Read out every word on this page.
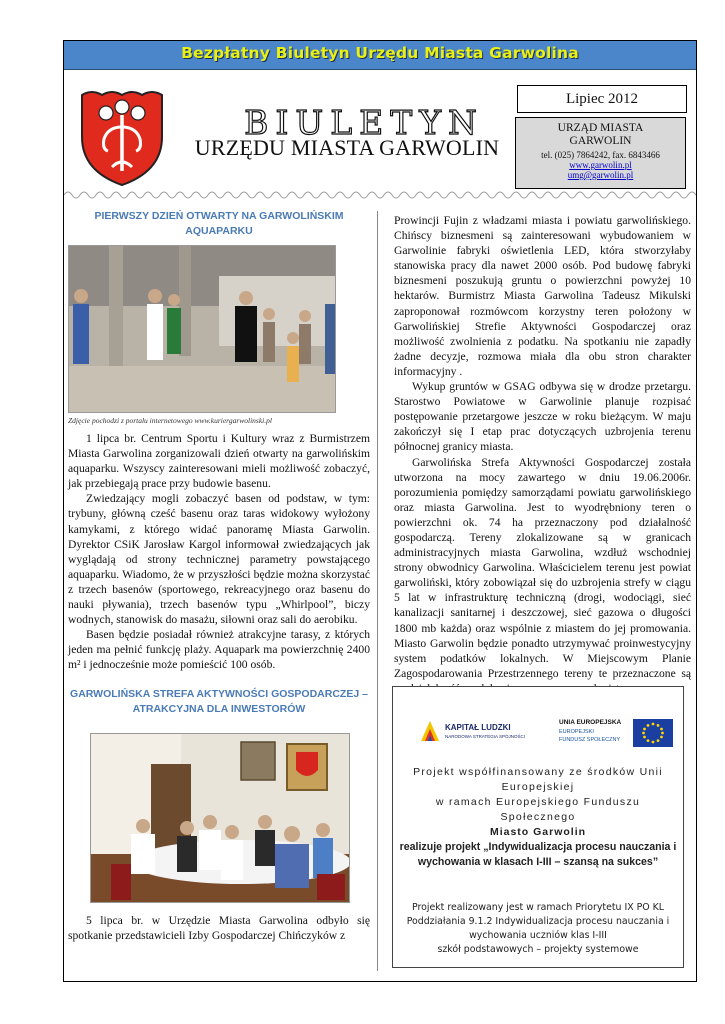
Bezpłatny Biuletyn Urzędu Miasta Garwolina
BIULETYN
URZĘDU MIASTA GARWOLIN
Lipiec 2012
URZĄD MIASTA
GARWOLIN
tel. (025) 7864242, fax. 6843466
www.garwolin.pl
umg@garwolin.pl
PIERWSZY DZIEŃ OTWARTY NA GARWOLIŃSKIM
AQUAPARKU
Zdjęcie pochodzi z portalu internetowego www.kuriergarwolinski.pl

1 lipca br. Centrum Sportu i Kultury wraz z Burmistrzem Miasta Garwolina zorganizowali dzień otwarty na garwolińskim aquaparku. Wszyscy zainteresowani mieli możliwość zobaczyć, jak przebiegają prace przy budowie basenu.

Zwiedzający mogli zobaczyć basen od podstaw, w tym: trybuny, główną cześć basenu oraz taras widokowy wyłożony kamykami, z którego widać panoramę Miasta Garwolin. Dyrektor CSiK Jarosław Kargol informował zwiedzających jak wyglądają od strony technicznej parametry powstającego aquaparku. Wiadomo, że w przyszłości będzie można skorzystać z trzech basenów (sportowego, rekreacyjnego oraz basenu do nauki pływania), trzech basenów typu „Whirlpool”, biczy wodnych, stanowisk do masażu, siłowni oraz sali do aerobiku.

Basen będzie posiadał również atrakcyjne tarasy, z których jeden ma pełnić funkcję plaży. Aquapark ma powierzchnię 2400 m² i jednocześnie może pomieścić 100 osób.

GARWOLIŃSKA STREFA AKTYWNOŚCI GOSPODARCZEJ –
ATRAKCYJNA DLA INWESTORÓW

5 lipca br. w Urzędzie Miasta Garwolina odbyło się spotkanie przedstawicieli Izby Gospodarczej Chińczyków z

Prowincji Fujin z władzami miasta i powiatu garwolińskiego. Chińscy biznesmeni są zainteresowani wybudowaniem w Garwolinie fabryki oświetlenia LED, która stworzyłaby stanowiska pracy dla nawet 2000 osób. Pod budowę fabryki biznesmeni poszukują gruntu o powierzchni powyżej 10 hektarów. Burmistrz Miasta Garwolina Tadeusz Mikulski zaproponował rozmówcom korzystny teren położony w Garwolińskiej Strefie Aktywności Gospodarczej oraz możliwość zwolnienia z podatku. Na spotkaniu nie zapadły żadne decyzje, rozmowa miała dla obu stron charakter informacyjny .

Wykup gruntów w GSAG odbywa się w drodze przetargu. Starostwo Powiatowe w Garwolinie planuje rozpisać postępowanie przetargowe jeszcze w roku bieżącym. W maju zakończył się I etap prac dotyczących uzbrojenia terenu północnej granicy miasta.

Garwolińska Strefa Aktywności Gospodarczej została utworzona na mocy zawartego w dniu 19.06.2006r. porozumienia pomiędzy samorządami powiatu garwolińskiego oraz miasta Garwolina. Jest to wyodrębniony teren o powierzchni ok. 74 ha przeznaczony pod działalność gospodarczą. Tereny zlokalizowane są w granicach administracyjnych miasta Garwolina, wzdłuż wschodniej strony obwodnicy Garwolina. Właścicielem terenu jest powiat garwoliński, który zobowiązał się do uzbrojenia strefy w ciągu 5 lat w infrastrukturę techniczną (drogi, wodociągi, sieć kanalizacji sanitarnej i deszczowej, sieć gazowa o długości 1800 mb każda) oraz wspólnie z miastem do jej promowania. Miasto Garwolin będzie ponadto utrzymywać proinwestycyjny system podatków lokalnych. W Miejscowym Planie Zagospodarowania Przestrzennego tereny te przeznaczone są

KAPITAŁ LUDZKI
NARODOWA STRATEGIA SPÓJNOŚCI
UNIA EUROPEJSKA
EUROPEJSKI
FUNDUSZ SPOŁECZNY
Projekt współfinansowany ze środków Unii Europejskiej
w ramach Europejskiego Funduszu Społecznego
Miasto Garwolin
realizuje projekt „Indywidualizacja procesu nauczania i wychowania w klasach I-III – szansą na sukces”
Projekt realizowany jest w ramach Priorytetu IX PO KL
Poddziałania 9.1.2 Indywidualizacja procesu nauczania i
wychowania uczniów klas I-III
szkół podstawowych – projekty systemowe
